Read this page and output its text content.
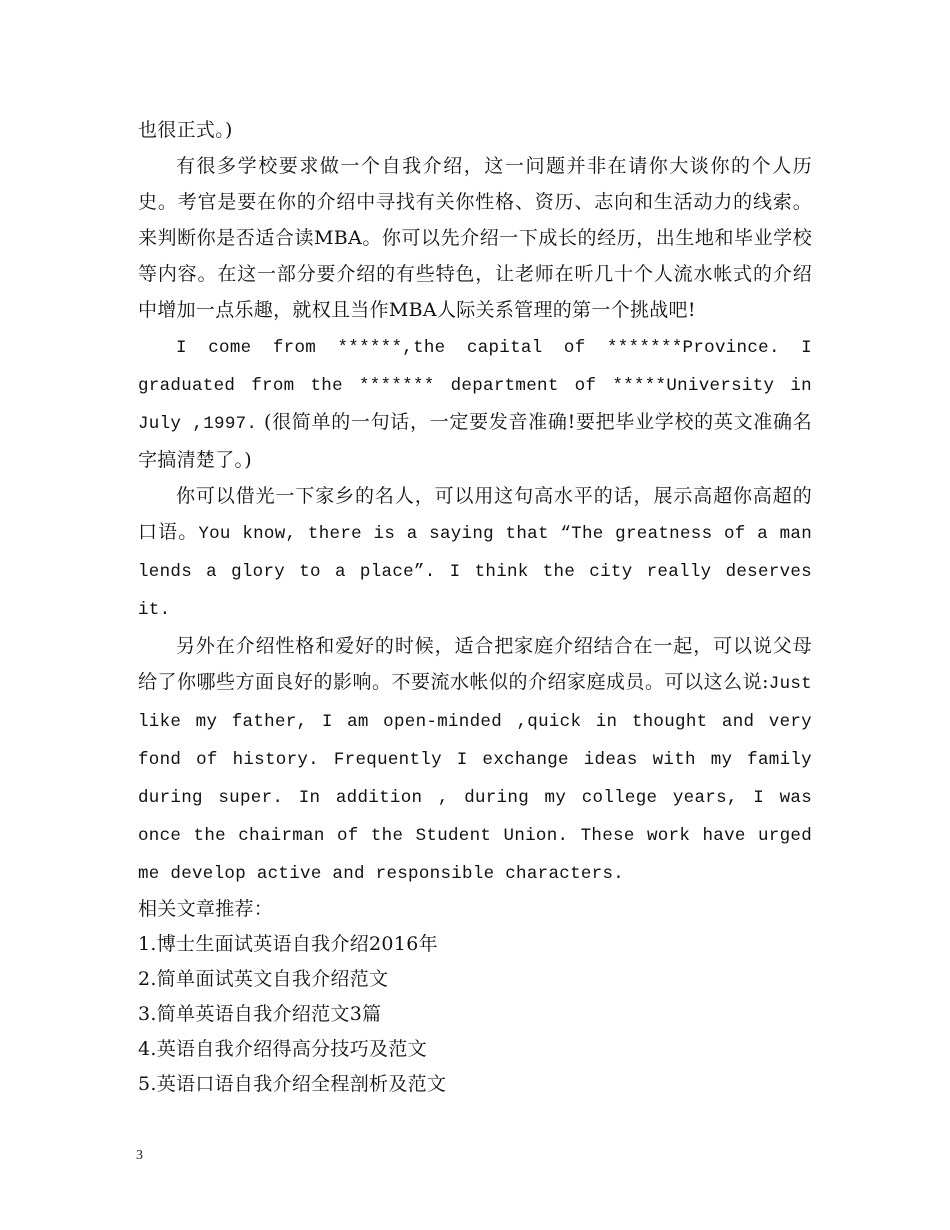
也很正式。)

有很多学校要求做一个自我介绍，这一问题并非在请你大谈你的个人历史。考官是要在你的介绍中寻找有关你性格、资历、志向和生活动力的线索。来判断你是否适合读MBA。你可以先介绍一下成长的经历，出生地和毕业学校等内容。在这一部分要介绍的有些特色，让老师在听几十个人流水帐式的介绍中增加一点乐趣，就权且当作MBA人际关系管理的第一个挑战吧!

I come from ******,the capital of *******Province. I graduated from the ******* department of *****University in July ,1997. (很简单的一句话，一定要发音准确!要把毕业学校的英文准确名字搞清楚了。)

你可以借光一下家乡的名人，可以用这句高水平的话，展示高超你高超的口语。You know, there is a saying that “The greatness of a man lends a glory to a place”. I think the city really deserves it.

另外在介绍性格和爱好的时候，适合把家庭介绍结合在一起，可以说父母给了你哪些方面良好的影响。不要流水帐似的介绍家庭成员。可以这么说:Just like my father, I am open-minded ,quick in thought and very fond of history. Frequently I exchange ideas with my family during super. In addition , during my college years, I was once the chairman of the Student Union. These work have urged me develop active and responsible characters.

相关文章推荐：
1.博士生面试英语自我介绍2016年
2.简单面试英文自我介绍范文
3.简单英语自我介绍范文3篇
4.英语自我介绍得高分技巧及范文
5.英语口语自我介绍全程剖析及范文
3
